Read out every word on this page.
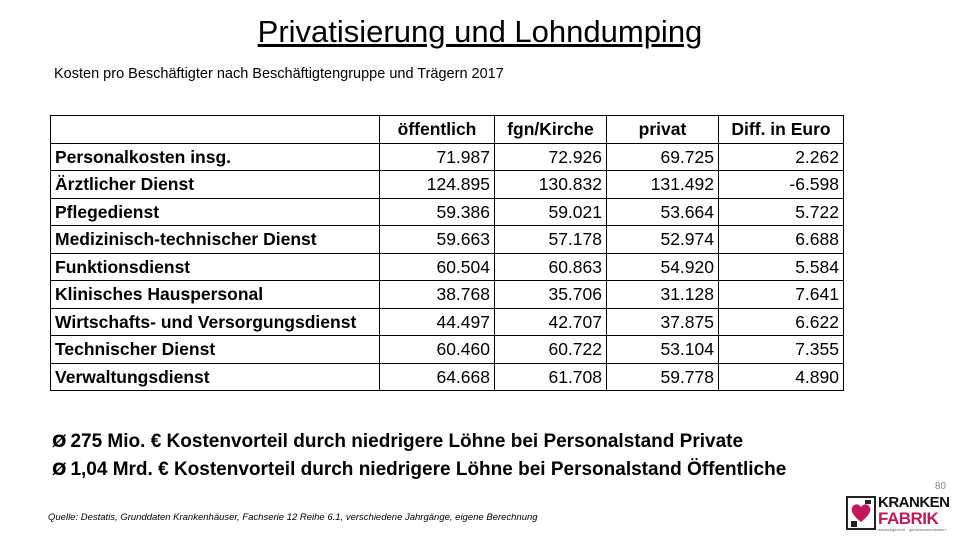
Privatisierung und Lohndumping
Kosten pro Beschäftigter nach Beschäftigtengruppe und Trägern 2017
	öffentlich	fgn/Kirche	privat	Diff. in Euro
Personalkosten insg.	71.987	72.926	69.725	2.262
Ärztlicher Dienst	124.895	130.832	131.492	-6.598
Pflegedienst	59.386	59.021	53.664	5.722
Medizinisch-technischer Dienst	59.663	57.178	52.974	6.688
Funktionsdienst	60.504	60.863	54.920	5.584
Klinisches Hauspersonal	38.768	35.706	31.128	7.641
Wirtschafts- und Versorgungsdienst	44.497	42.707	37.875	6.622
Technischer Dienst	60.460	60.722	53.104	7.355
Verwaltungsdienst	64.668	61.708	59.778	4.890
Ø 275 Mio. € Kostenvorteil durch niedrigere Löhne bei Personalstand Private
Ø 1,04 Mrd. € Kostenvorteil durch niedrigere Löhne bei Personalstand Öffentliche
Quelle: Destatis, Grunddaten Krankenhäuser, Fachserie 12 Reihe 6.1, verschiedene Jahrgänge, eigene Berechnung
80
KRANKEN
FABRIK
menschgerecht · gemeinwohlorientiert
